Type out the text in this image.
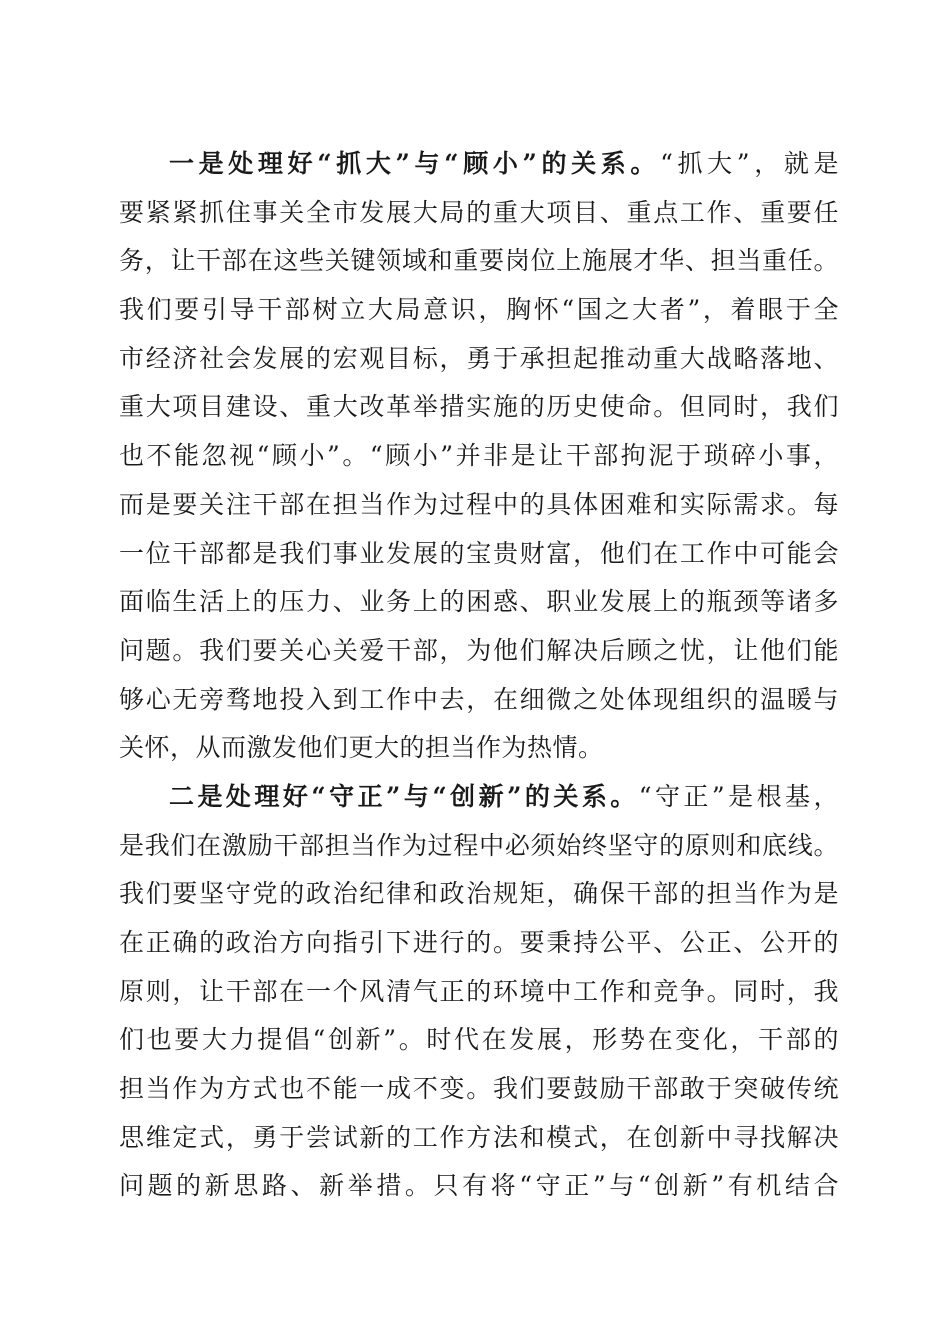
一是处理好“抓大”与“顾小”的关系。“抓大”，就是
要紧紧抓住事关全市发展大局的重大项目、重点工作、重要任
务，让干部在这些关键领域和重要岗位上施展才华、担当重任。
我们要引导干部树立大局意识，胸怀“国之大者”，着眼于全
市经济社会发展的宏观目标，勇于承担起推动重大战略落地、
重大项目建设、重大改革举措实施的历史使命。但同时，我们
也不能忽视“顾小”。“顾小”并非是让干部拘泥于琐碎小事，
而是要关注干部在担当作为过程中的具体困难和实际需求。每
一位干部都是我们事业发展的宝贵财富，他们在工作中可能会
面临生活上的压力、业务上的困惑、职业发展上的瓶颈等诸多
问题。我们要关心关爱干部，为他们解决后顾之忧，让他们能
够心无旁骛地投入到工作中去，在细微之处体现组织的温暖与
关怀，从而激发他们更大的担当作为热情。
二是处理好“守正”与“创新”的关系。“守正”是根基，
是我们在激励干部担当作为过程中必须始终坚守的原则和底线。
我们要坚守党的政治纪律和政治规矩，确保干部的担当作为是
在正确的政治方向指引下进行的。要秉持公平、公正、公开的
原则，让干部在一个风清气正的环境中工作和竞争。同时，我
们也要大力提倡“创新”。时代在发展，形势在变化，干部的
担当作为方式也不能一成不变。我们要鼓励干部敢于突破传统
思维定式，勇于尝试新的工作方法和模式，在创新中寻找解决
问题的新思路、新举措。只有将“守正”与“创新”有机结合
